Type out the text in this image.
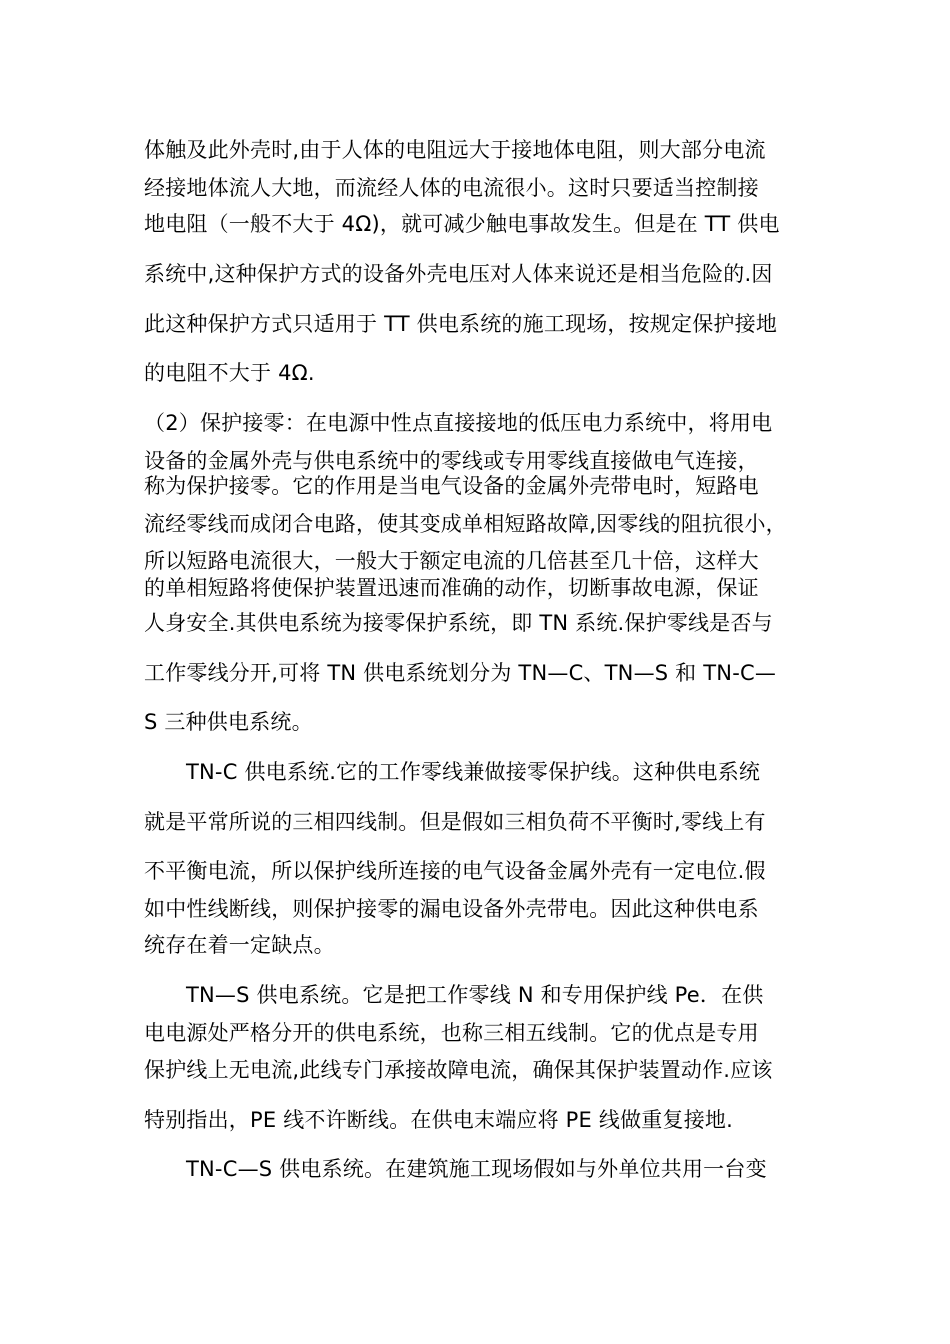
体触及此外壳时,由于人体的电阻远大于接地体电阻，则大部分电流
经接地体流人大地，而流经人体的电流很小。这时只要适当控制接
地电阻（一般不大于 4Ω)，就可减少触电事故发生。但是在 TT 供电
系统中,这种保护方式的设备外壳电压对人体来说还是相当危险的.因
此这种保护方式只适用于 TT 供电系统的施工现场，按规定保护接地
的电阻不大于 4Ω.
（2）保护接零：在电源中性点直接接地的低压电力系统中，将用电
设备的金属外壳与供电系统中的零线或专用零线直接做电气连接，
称为保护接零。它的作用是当电气设备的金属外壳带电时，短路电
流经零线而成闭合电路，使其变成单相短路故障,因零线的阻抗很小，
所以短路电流很大，一般大于额定电流的几倍甚至几十倍，这样大
的单相短路将使保护装置迅速而准确的动作，切断事故电源，保证
人身安全.其供电系统为接零保护系统，即 TN 系统.保护零线是否与
工作零线分开,可将 TN 供电系统划分为 TN—C、TN—S 和 TN-C—
S 三种供电系统。
TN-C 供电系统.它的工作零线兼做接零保护线。这种供电系统
就是平常所说的三相四线制。但是假如三相负荷不平衡时,零线上有
不平衡电流，所以保护线所连接的电气设备金属外壳有一定电位.假
如中性线断线，则保护接零的漏电设备外壳带电。因此这种供电系
统存在着一定缺点。
TN—S 供电系统。它是把工作零线 N 和专用保护线 Pe．在供
电电源处严格分开的供电系统，也称三相五线制。它的优点是专用
保护线上无电流,此线专门承接故障电流，确保其保护装置动作.应该
特别指出，PE 线不许断线。在供电末端应将 PE 线做重复接地.
TN-C—S 供电系统。在建筑施工现场假如与外单位共用一台变
